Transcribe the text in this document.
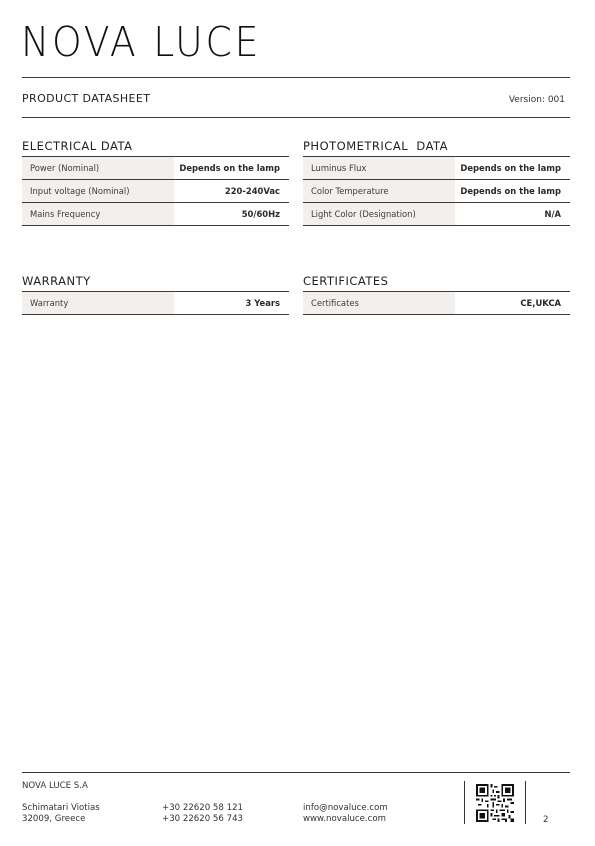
NOVA LUCE
PRODUCT DATASHEET	Version: 001
ELECTRICAL DATA
Power (Nominal)	Depends on the lamp
Input voltage (Nominal)	220-240Vac
Mains Frequency	50/60Hz
PHOTOMETRICAL  DATA
Luminus Flux	Depends on the lamp
Color Temperature	Depends on the lamp
Light Color (Designation)	N/A
WARRANTY
Warranty	3 Years
CERTIFICATES
Certificates	CE,UKCA
NOVA LUCE S.A
Schimatari Viotias
32009, Greece
+30 22620 58 121
+30 22620 56 743
info@novaluce.com
www.novaluce.com	2
